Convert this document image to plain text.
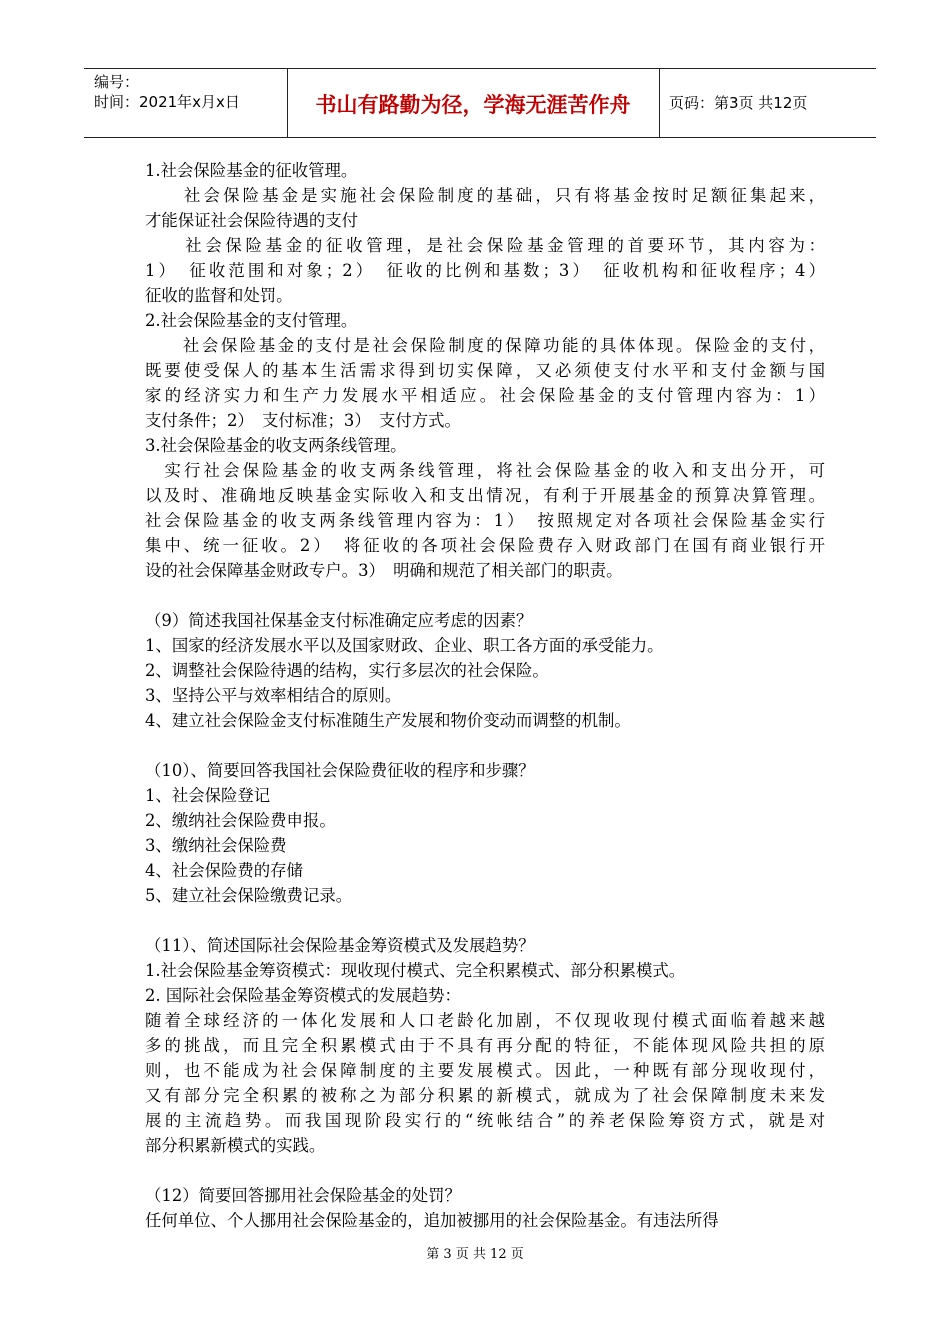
编号：
时间：2021年x月x日	书山有路勤为径，学海无涯苦作舟	页码：第3页 共12页
1.社会保险基金的征收管理。
　　社会保险基金是实施社会保险制度的基础，只有将基金按时足额征集起来，
才能保证社会保险待遇的支付
　　社会保险基金的征收管理，是社会保险基金管理的首要环节，其内容为：
1）　征收范围和对象；2）　征收的比例和基数；3）　征收机构和征收程序；4）
征收的监督和处罚。
2.社会保险基金的支付管理。
　　社会保险基金的支付是社会保险制度的保障功能的具体体现。保险金的支付，
既要使受保人的基本生活需求得到切实保障，又必须使支付水平和支付金额与国
家的经济实力和生产力发展水平相适应。社会保险基金的支付管理内容为：1）
支付条件；2）　支付标准；3）　支付方式。
3.社会保险基金的收支两条线管理。
　实行社会保险基金的收支两条线管理，将社会保险基金的收入和支出分开，可
以及时、准确地反映基金实际收入和支出情况，有利于开展基金的预算决算管理。
社会保险基金的收支两条线管理内容为：1）　按照规定对各项社会保险基金实行
集中、统一征收。2）　将征收的各项社会保险费存入财政部门在国有商业银行开
设的社会保障基金财政专户。3）　明确和规范了相关部门的职责。
（9）简述我国社保基金支付标准确定应考虑的因素？
1、国家的经济发展水平以及国家财政、企业、职工各方面的承受能力。
2、调整社会保险待遇的结构，实行多层次的社会保险。
3、坚持公平与效率相结合的原则。
4、建立社会保险金支付标准随生产发展和物价变动而调整的机制。
（10）、简要回答我国社会保险费征收的程序和步骤？
1、社会保险登记
2、缴纳社会保险费申报。
3、缴纳社会保险费
4、社会保险费的存储
5、建立社会保险缴费记录。
（11）、简述国际社会保险基金筹资模式及发展趋势？
1.社会保险基金筹资模式：现收现付模式、完全积累模式、部分积累模式。
2. 国际社会保险基金筹资模式的发展趋势：
随着全球经济的一体化发展和人口老龄化加剧，不仅现收现付模式面临着越来越
多的挑战，而且完全积累模式由于不具有再分配的特征，不能体现风险共担的原
则，也不能成为社会保障制度的主要发展模式。因此，一种既有部分现收现付，
又有部分完全积累的被称之为部分积累的新模式，就成为了社会保障制度未来发
展的主流趋势。而我国现阶段实行的“统帐结合”的养老保险筹资方式，就是对
部分积累新模式的实践。
（12）简要回答挪用社会保险基金的处罚？
任何单位、个人挪用社会保险基金的，追加被挪用的社会保险基金。有违法所得
第 3 页 共 12 页
